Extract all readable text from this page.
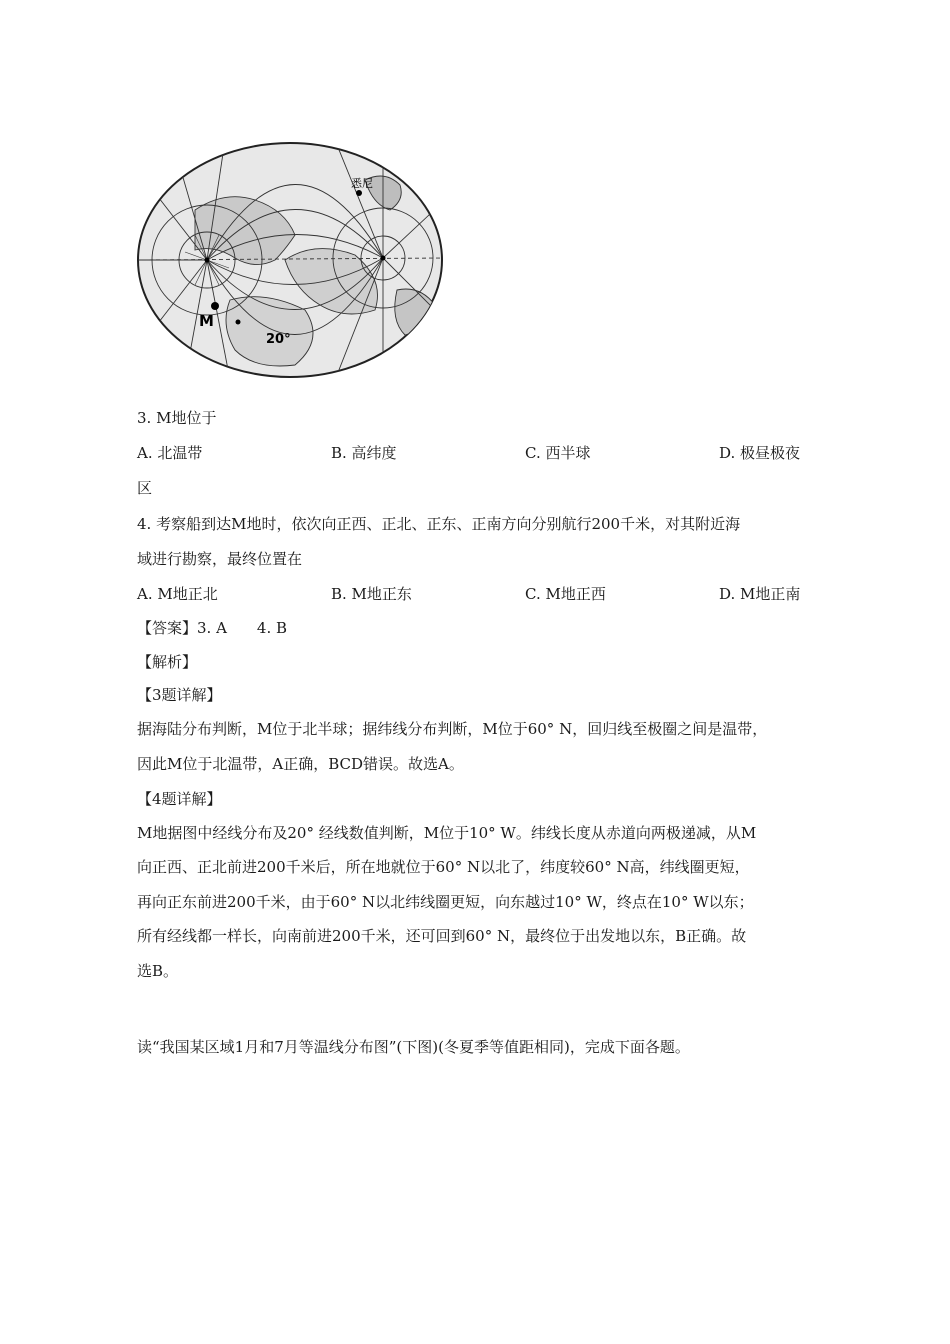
悉尼
M
20°
3. M地位于
A. 北温带	B. 高纬度	C. 西半球	D. 极昼极夜
区
4. 考察船到达M地时，依次向正西、正北、正东、正南方向分别航行200千米，对其附近海
域进行勘察，最终位置在
A. M地正北	B. M地正东	C. M地正西	D. M地正南
【答案】3. A　　4. B
【解析】
【3题详解】
据海陆分布判断，M位于北半球；据纬线分布判断，M位于60° N，回归线至极圈之间是温带，
因此M位于北温带，A正确，BCD错误。故选A。
【4题详解】
M地据图中经线分布及20° 经线数值判断，M位于10° W。纬线长度从赤道向两极递减，从M
向正西、正北前进200千米后，所在地就位于60° N以北了，纬度较60° N高，纬线圈更短，
再向正东前进200千米，由于60° N以北纬线圈更短，向东越过10° W，终点在10° W以东；
所有经线都一样长，向南前进200千米，还可回到60° N，最终位于出发地以东，B正确。故
选B。
读“我国某区域1月和7月等温线分布图”(下图)(冬夏季等值距相同)，完成下面各题。
